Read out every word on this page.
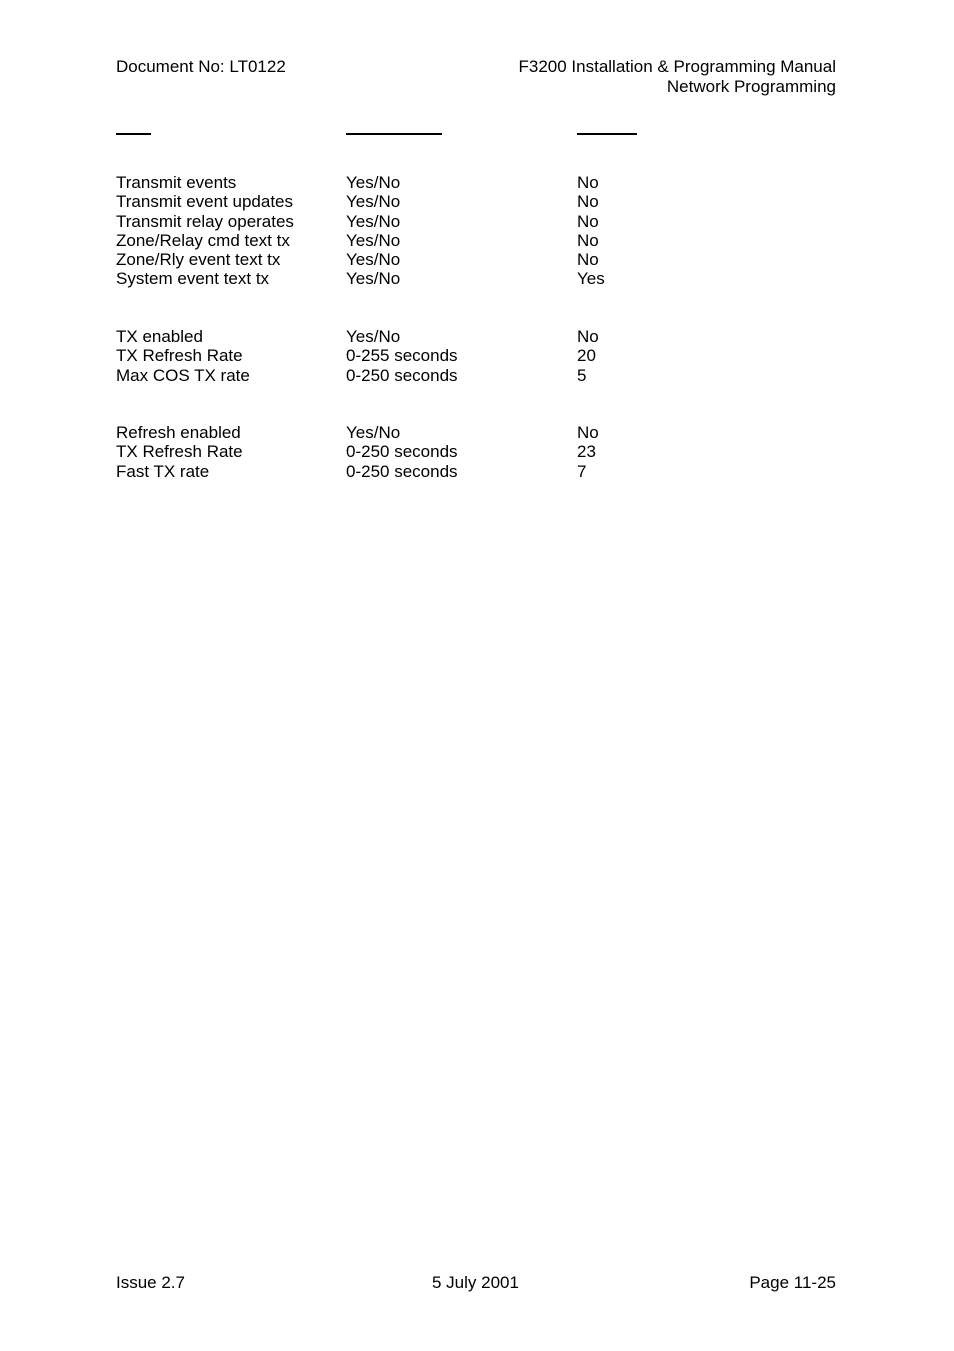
Document No: LT0122	F3200 Installation & Programming Manual
Network Programming
Transmit events	Yes/No	No
Transmit event updates	Yes/No	No
Transmit relay operates	Yes/No	No
Zone/Relay cmd text tx	Yes/No	No
Zone/Rly event text tx	Yes/No	No
System event text tx	Yes/No	Yes
TX enabled	Yes/No	No
TX Refresh Rate	0-255 seconds	20
Max COS TX rate	0-250 seconds	5
Refresh enabled	Yes/No	No
TX Refresh Rate	0-250 seconds	23
Fast TX rate	0-250 seconds	7
Issue 2.7	5 July 2001	Page 11-25
